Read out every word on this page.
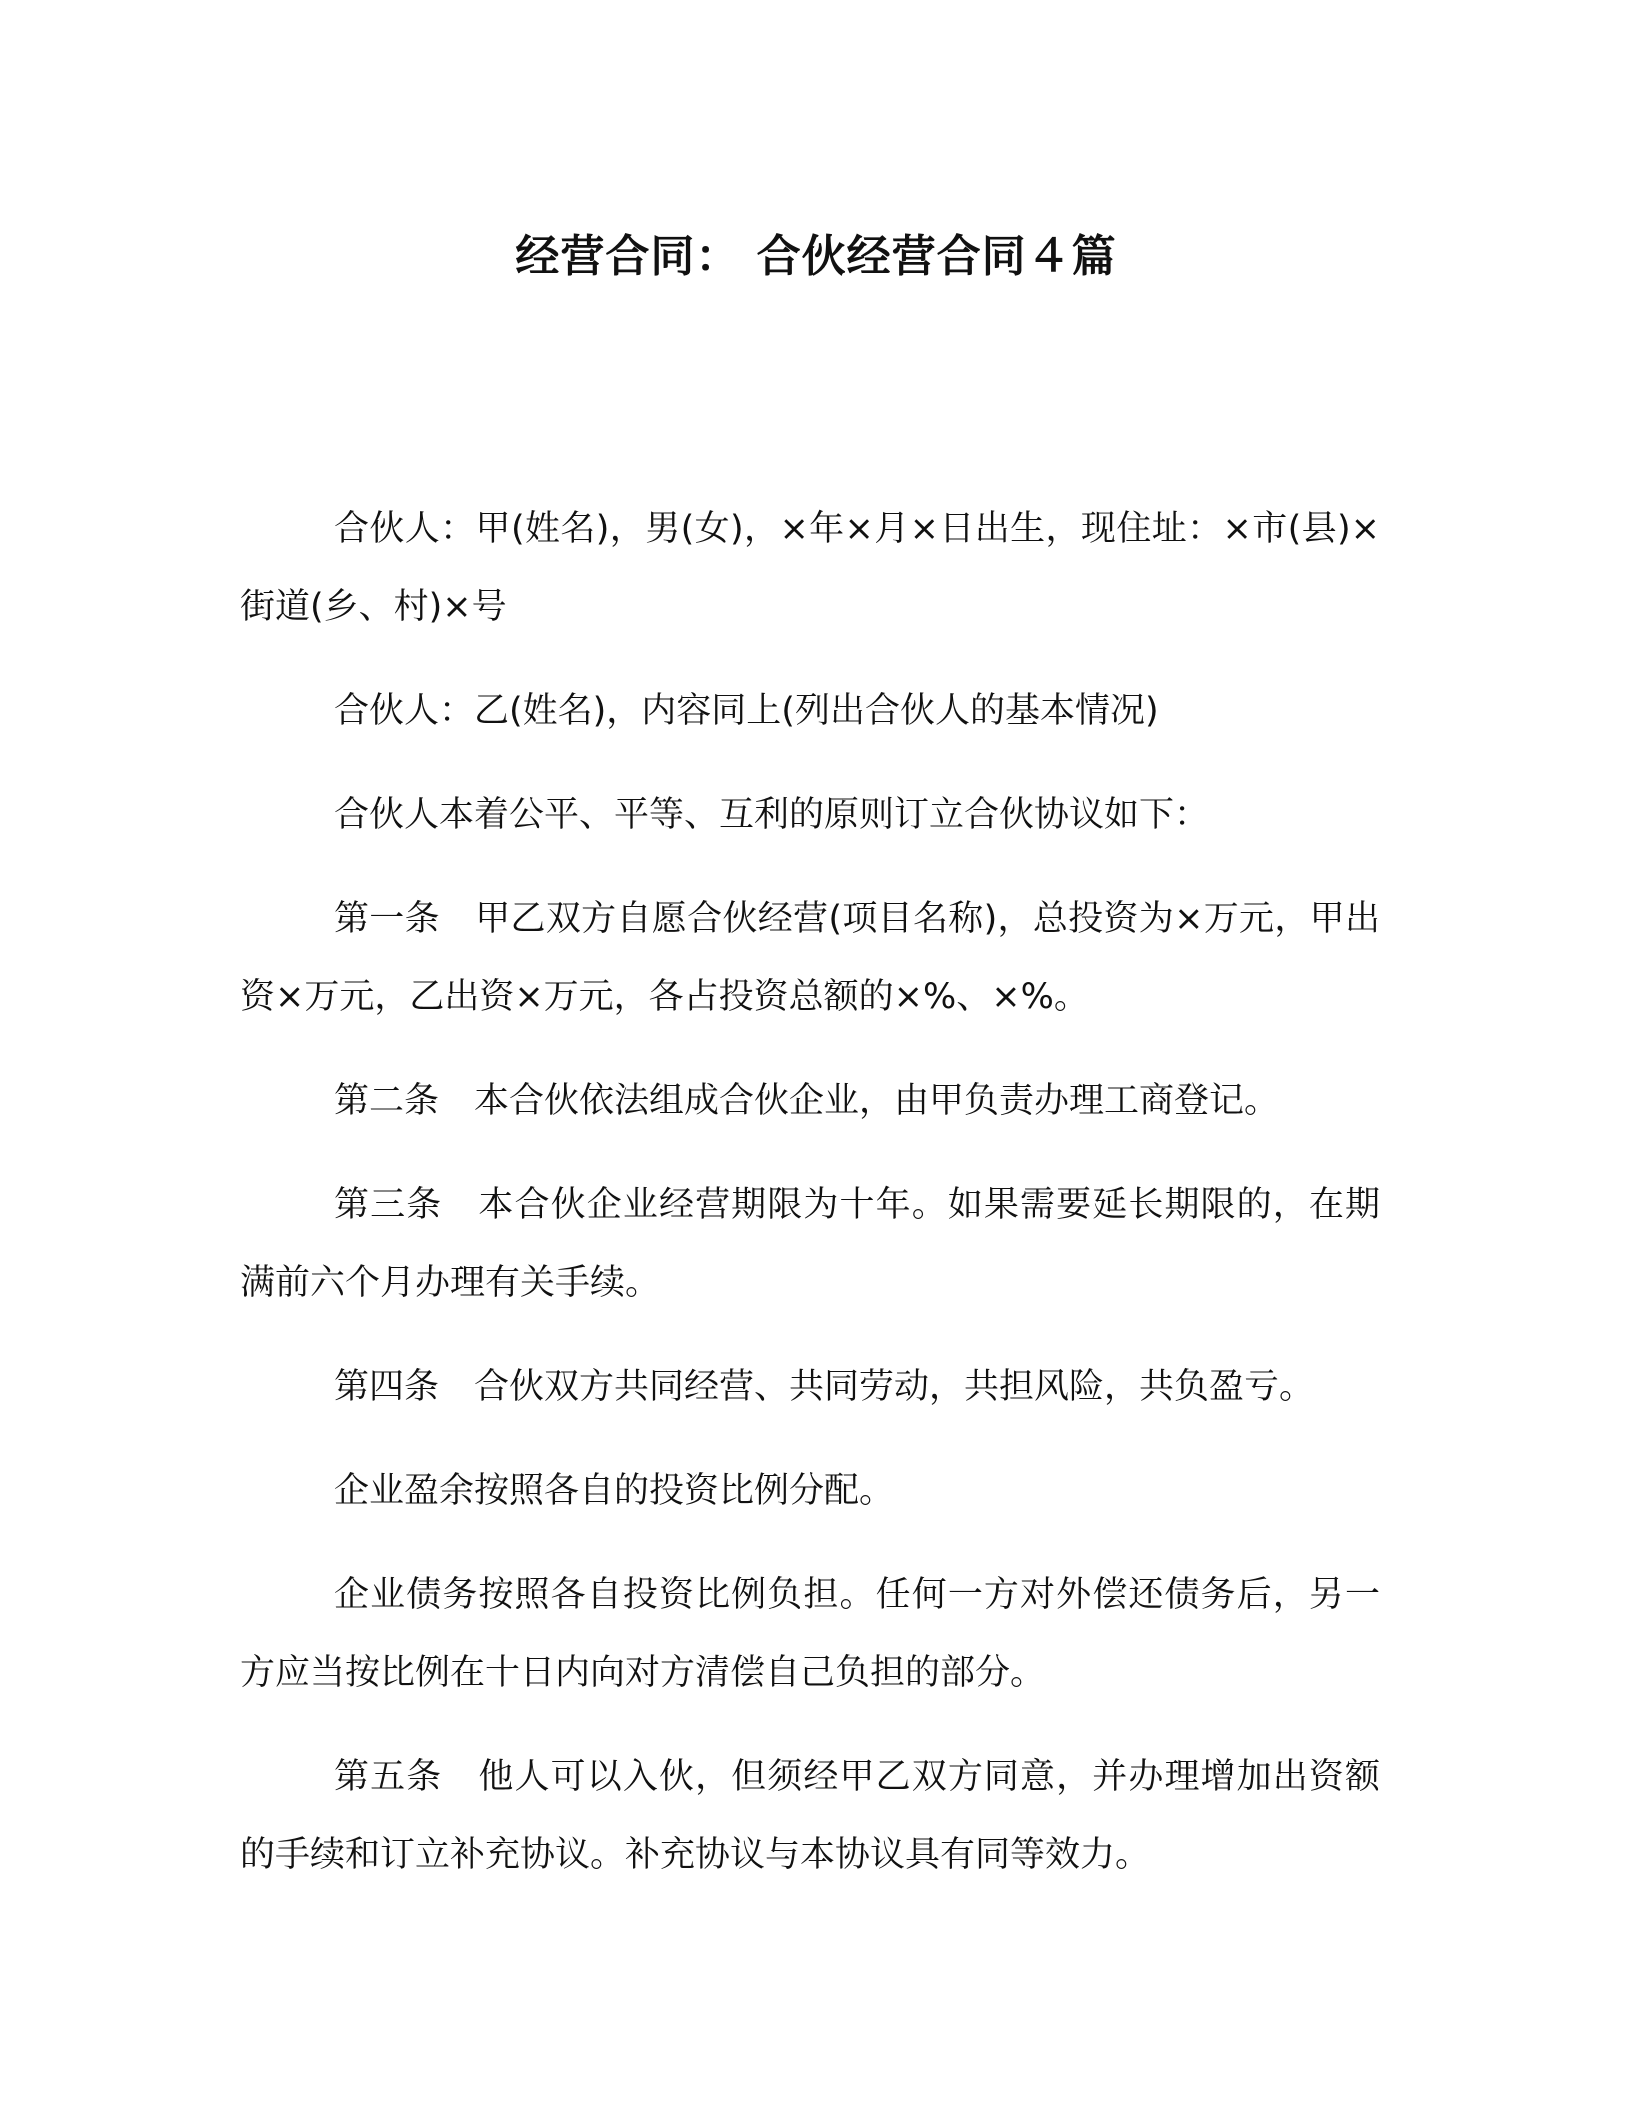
经营合同： 合伙经营合同４篇

合伙人：甲(姓名)，男(女)，×年×月×日出生，现住址：×市(县)×街道(乡、村)×号

合伙人：乙(姓名)，内容同上(列出合伙人的基本情况)

合伙人本着公平、平等、互利的原则订立合伙协议如下：

第一条　甲乙双方自愿合伙经营(项目名称)，总投资为×万元，甲出资×万元，乙出资×万元，各占投资总额的×%、×%。

第二条　本合伙依法组成合伙企业，由甲负责办理工商登记。

第三条　本合伙企业经营期限为十年。如果需要延长期限的，在期满前六个月办理有关手续。

第四条　合伙双方共同经营、共同劳动，共担风险，共负盈亏。

企业盈余按照各自的投资比例分配。

企业债务按照各自投资比例负担。任何一方对外偿还债务后，另一方应当按比例在十日内向对方清偿自己负担的部分。

第五条　他人可以入伙，但须经甲乙双方同意，并办理增加出资额的手续和订立补充协议。补充协议与本协议具有同等效力。
